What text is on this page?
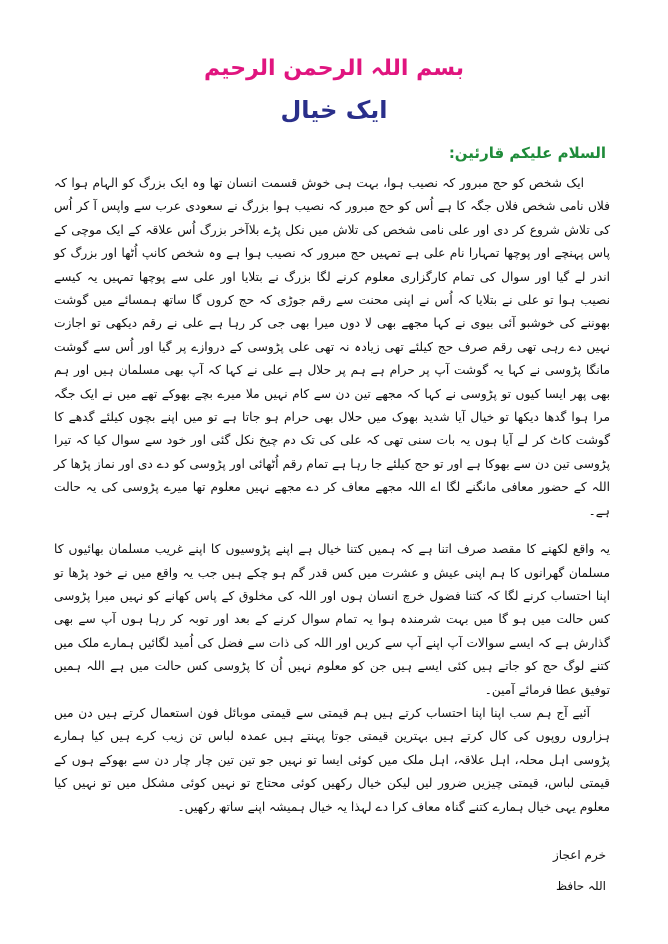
بسم اللہ الرحمن الرحیم
ایک خیال
السلام علیکم قارئین:

ایک شخص کو حج مبرور کہ نصیب ہوا، بہت ہی خوش قسمت انسان تھا وہ ایک بزرگ کو الہام ہوا کہ فلاں نامی شخص فلاں جگہ کا ہے اُس کو حج مبرور کہ نصیب ہوا بزرگ نے سعودی عرب سے واپس آ کر اُس کی تلاش شروع کر دی اور علی نامی شخص کی تلاش میں نکل پڑے بلاآخر بزرگ اُس علاقہ کے ایک موچی کے پاس پہنچے اور پوچھا تمہارا نام علی ہے تمہیں حج مبرور کہ نصیب ہوا ہے وہ شخص کانپ اُٹھا اور بزرگ کو اندر لے گیا اور سوال کی تمام کارگزاری معلوم کرنے لگا بزرگ نے بتلایا اور علی سے پوچھا تمہیں یہ کیسے نصیب ہوا تو علی نے بتلایا کہ اُس نے اپنی محنت سے رقم جوڑی کہ حج کروں گا ساتھ ہمسائے میں گوشت بھوننے کی خوشبو آئی بیوی نے کہا مجھے بھی لا دوں میرا بھی جی کر رہا ہے علی نے رقم دیکھی تو اجازت نہیں دے رہی تھی رقم صرف حج کیلئے تھی زیادہ نہ تھی علی پڑوسی کے دروازے پر گیا اور اُس سے گوشت مانگا پڑوسی نے کہا یہ گوشت آپ پر حرام ہے ہم پر حلال ہے علی نے کہا کہ آپ بھی مسلمان ہیں اور ہم بھی پھر ایسا کیوں تو پڑوسی نے کہا کہ مجھے تین دن سے کام نہیں ملا میرے بچے بھوکے تھے میں نے ایک جگہ مرا ہوا گدھا دیکھا تو خیال آیا شدید بھوک میں حلال بھی حرام ہو جاتا ہے تو میں اپنے بچوں کیلئے گدھے کا گوشت کاٹ کر لے آیا ہوں یہ بات سنی تھی کہ علی کی تک دم چیخ نکل گئی اور خود سے سوال کیا کہ تیرا پڑوسی تین دن سے بھوکا ہے اور تو حج کیلئے جا رہا ہے تمام رقم اُٹھائی اور پڑوسی کو دے دی اور نماز پڑھا کر اللہ کے حضور معافی مانگنے لگا اے اللہ مجھے معاف کر دے مجھے نہیں معلوم تھا میرے پڑوسی کی یہ حالت ہے۔

یہ واقع لکھنے کا مقصد صرف اتنا ہے کہ ہمیں کتنا خیال ہے اپنے پڑوسیوں کا اپنے غریب مسلمان بھائیوں کا مسلمان گھرانوں کا ہم اپنی عیش و عشرت میں کس قدر گم ہو چکے ہیں جب یہ واقع میں نے خود پڑھا تو اپنا احتساب کرنے لگا کہ کتنا فضول خرچ انسان ہوں اور اللہ کی مخلوق کے پاس کھانے کو نہیں میرا پڑوسی کس حالت میں ہو گا میں بہت شرمندہ ہوا یہ تمام سوال کرنے کے بعد اور توبہ کر رہا ہوں آپ سے بھی گذارش ہے کہ ایسے سوالات آپ اپنے آپ سے کریں اور اللہ کی ذات سے فضل کی اُمید لگائیں ہمارے ملک میں کتنے لوگ حج کو جاتے ہیں کئی ایسے ہیں جن کو معلوم نہیں اُن کا پڑوسی کس حالت میں ہے اللہ ہمیں توفیق عطا فرمائے آمین۔

آئیے آج ہم سب اپنا اپنا احتساب کرتے ہیں ہم قیمتی سے قیمتی موبائل فون استعمال کرتے ہیں دن میں ہزاروں روپوں کی کال کرتے ہیں بہترین قیمتی جوتا پہنتے ہیں عمدہ لباس تن زیب کرے ہیں کیا ہمارے پڑوسی اہل محلہ، اہل علاقہ، اہل ملک میں کوئی ایسا تو نہیں جو تین تین چار چار دن سے بھوکے ہوں کے قیمتی لباس، قیمتی چیزیں ضرور لیں لیکن خیال رکھیں کوئی محتاج تو نہیں کوئی مشکل میں تو نہیں کیا معلوم یہی خیال ہمارے کتنے گناہ معاف کرا دے لہذا یہ خیال ہمیشہ اپنے ساتھ رکھیں۔

خرم اعجاز
اللہ حافظ
